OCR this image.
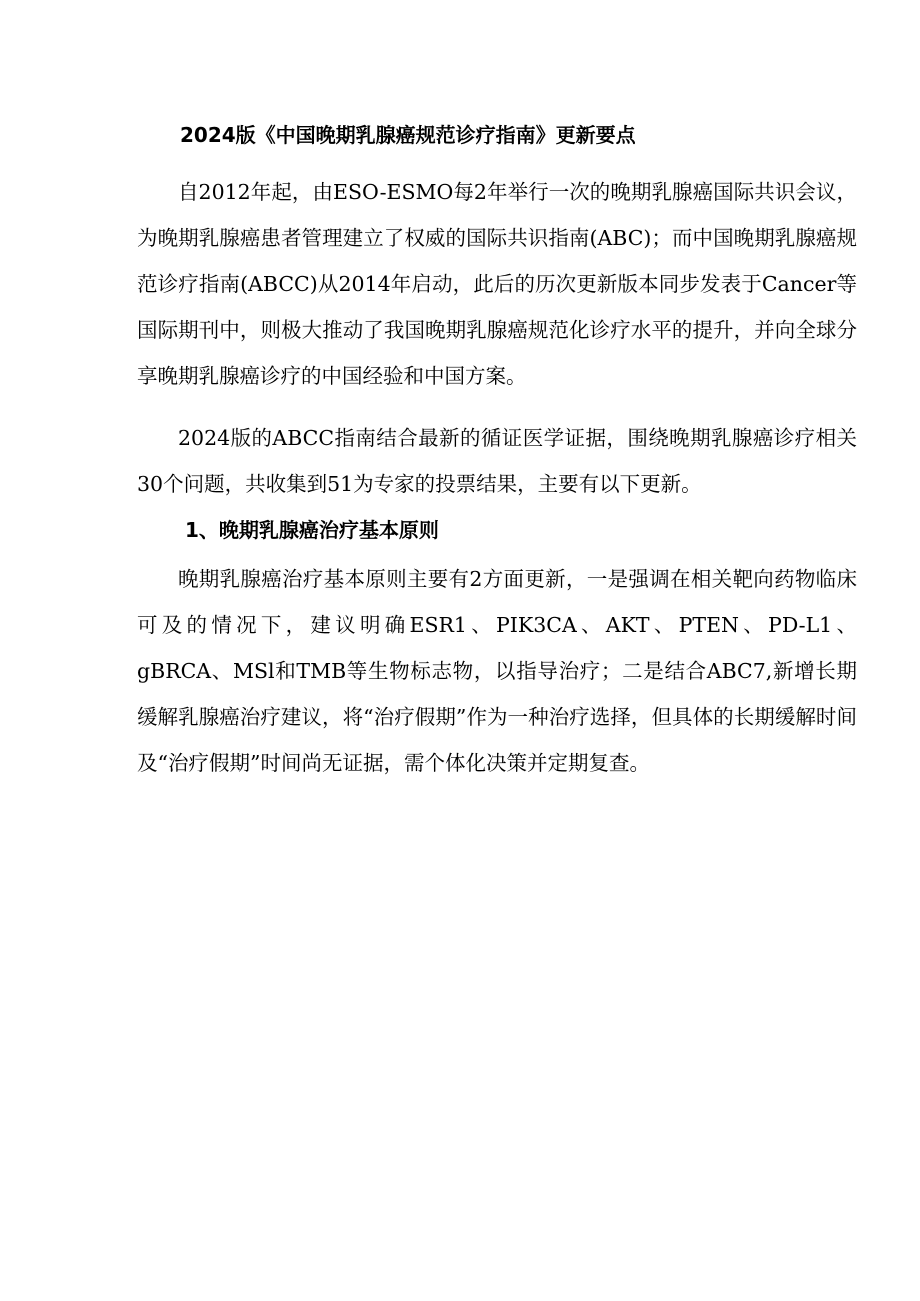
2024版《中国晚期乳腺癌规范诊疗指南》更新要点

自2012年起，由ESO-ESMO每2年举行一次的晚期乳腺癌国际共识会议，为晚期乳腺癌患者管理建立了权威的国际共识指南(ABC)；而中国晚期乳腺癌规范诊疗指南(ABCC)从2014年启动，此后的历次更新版本同步发表于Cancer等国际期刊中，则极大推动了我国晚期乳腺癌规范化诊疗水平的提升，并向全球分享晚期乳腺癌诊疗的中国经验和中国方案。

2024版的ABCC指南结合最新的循证医学证据，围绕晚期乳腺癌诊疗相关30个问题，共收集到51为专家的投票结果，主要有以下更新。

1、晚期乳腺癌治疗基本原则

晚期乳腺癌治疗基本原则主要有2方面更新，一是强调在相关靶向药物临床可及的情况下，建议明确ESR1、PIK3CA、AKT、PTEN、PD-L1、gBRCA、MSl和TMB等生物标志物，以指导治疗；二是结合ABC7,新增长期缓解乳腺癌治疗建议，将“治疗假期”作为一种治疗选择，但具体的长期缓解时间及“治疗假期”时间尚无证据，需个体化决策并定期复查。
